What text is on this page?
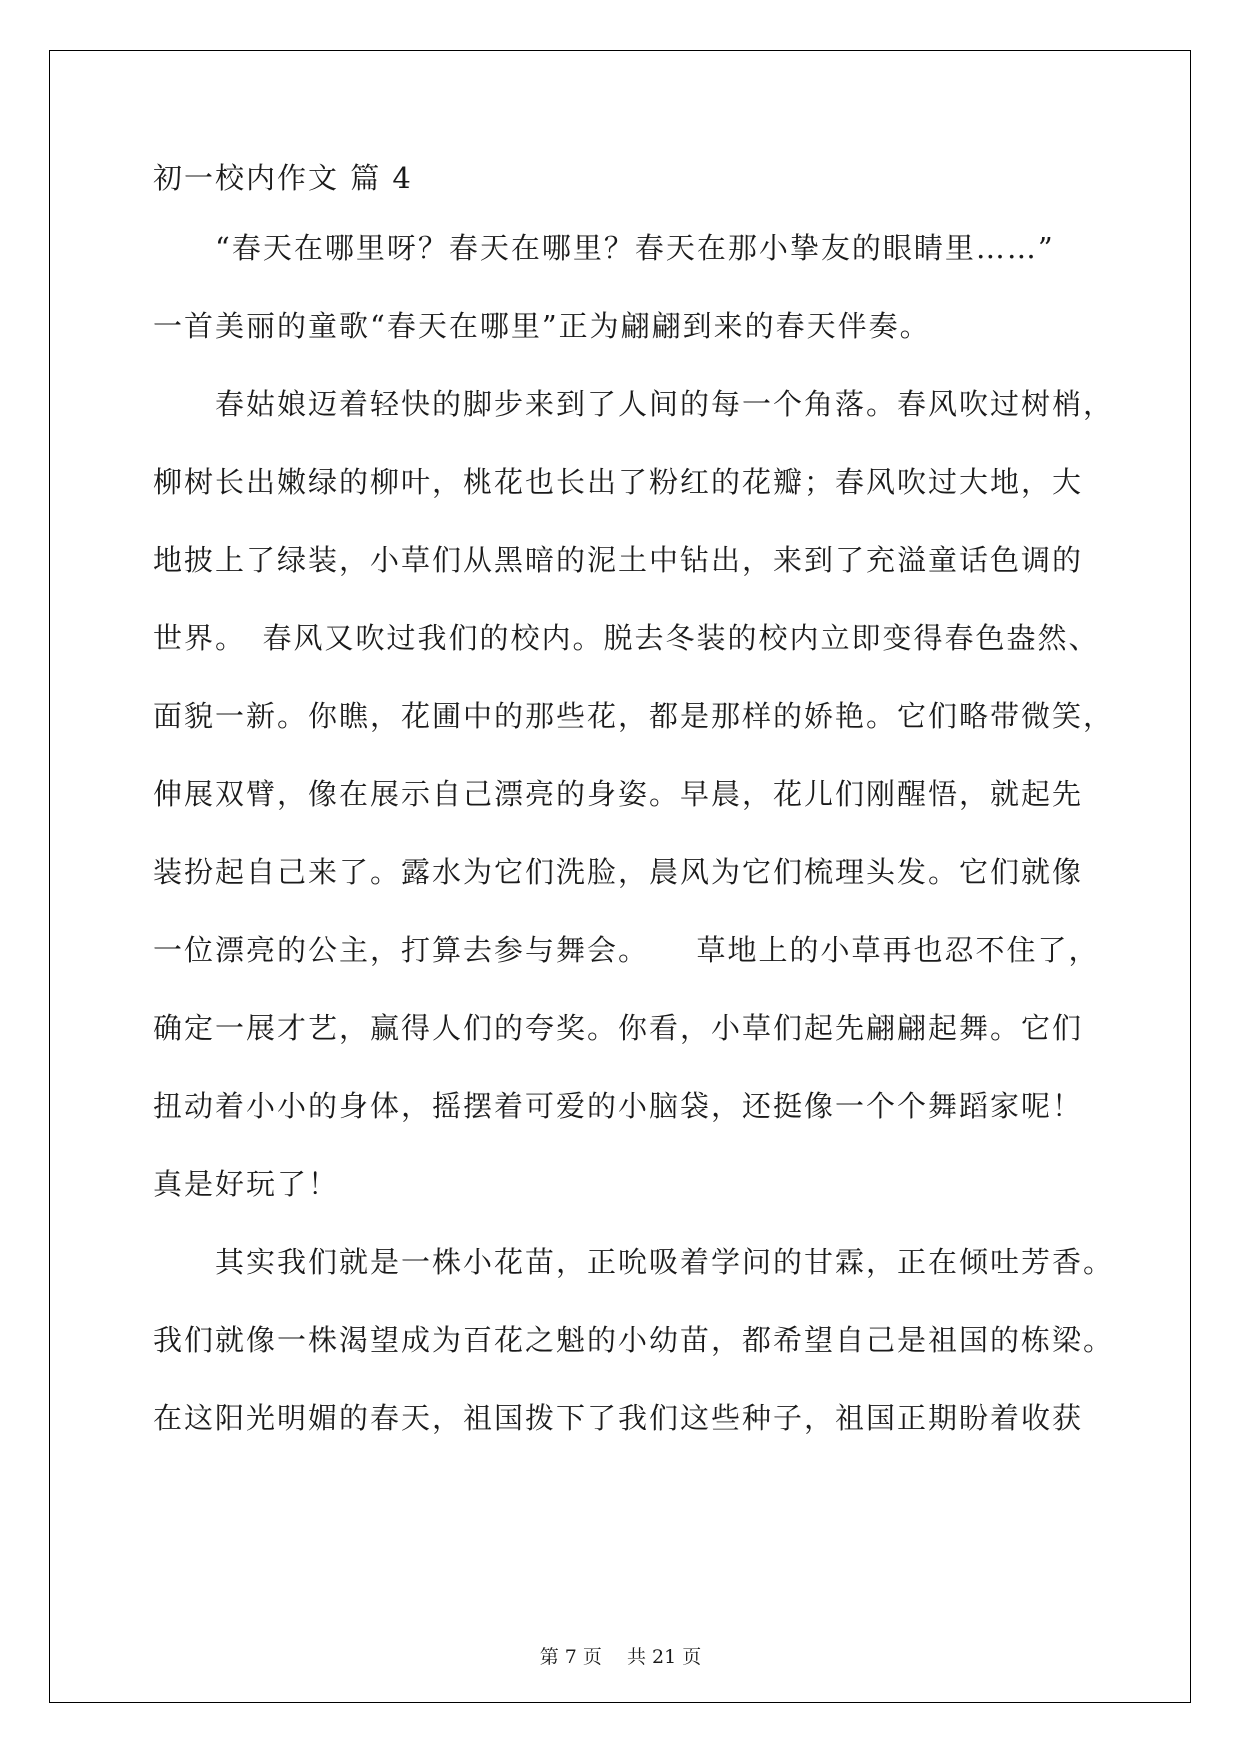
初一校内作文 篇 4
　　“春天在哪里呀？春天在哪里？春天在那小挚友的眼睛里……”
一首美丽的童歌“春天在哪里”正为翩翩到来的春天伴奏。
　　春姑娘迈着轻快的脚步来到了人间的每一个角落。春风吹过树梢，
柳树长出嫩绿的柳叶，桃花也长出了粉红的花瓣；春风吹过大地，大
地披上了绿装，小草们从黑暗的泥土中钻出，来到了充溢童话色调的
世界。　春风又吹过我们的校内。脱去冬装的校内立即变得春色盎然、
面貌一新。你瞧，花圃中的那些花，都是那样的娇艳。它们略带微笑，
伸展双臂，像在展示自己漂亮的身姿。早晨，花儿们刚醒悟，就起先
装扮起自己来了。露水为它们洗脸，晨风为它们梳理头发。它们就像
一位漂亮的公主，打算去参与舞会。　　草地上的小草再也忍不住了，
确定一展才艺，赢得人们的夸奖。你看，小草们起先翩翩起舞。它们
扭动着小小的身体，摇摆着可爱的小脑袋，还挺像一个个舞蹈家呢！
真是好玩了！
　　其实我们就是一株小花苗，正吮吸着学问的甘霖，正在倾吐芳香。
我们就像一株渴望成为百花之魁的小幼苗，都希望自己是祖国的栋梁。
在这阳光明媚的春天，祖国拨下了我们这些种子，祖国正期盼着收获
第 7 页　 共 21 页
